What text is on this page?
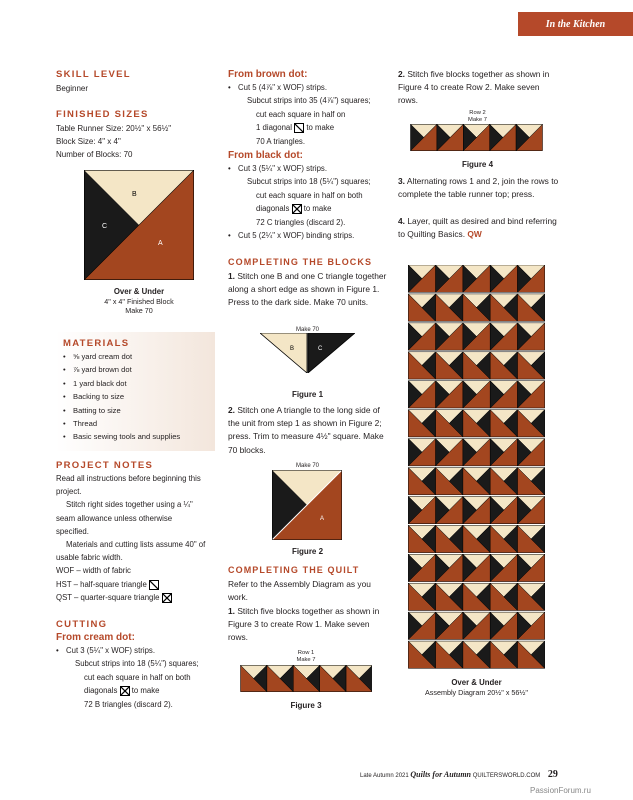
In the Kitchen
SKILL LEVEL
Beginner
FINISHED SIZES
Table Runner Size: 20½" x 56½"
Block Size: 4" x 4"
Number of Blocks: 70
B
C
A
Over & Under
4" x 4" Finished Block
Make 70
MATERIALS
• ⅝ yard cream dot
• ⅞ yard brown dot
• 1 yard black dot
• Backing to size
• Batting to size
• Thread
• Basic sewing tools and supplies
PROJECT NOTES
Read all instructions before beginning this project.
Stitch right sides together using a ¼" seam allowance unless otherwise specified.
Materials and cutting lists assume 40" of usable fabric width.
WOF – width of fabric
HST – half-square triangle
QST – quarter-square triangle
CUTTING
From cream dot:
• Cut 3 (5¼" x WOF) strips.
Subcut strips into 18 (5¼") squares;
cut each square in half on both
diagonals to make
72 B triangles (discard 2).
From brown dot:
• Cut 5 (4⅞" x WOF) strips.
Subcut strips into 35 (4⅞") squares;
cut each square in half on
1 diagonal to make
70 A triangles.
From black dot:
• Cut 3 (5¼" x WOF) strips.
Subcut strips into 18 (5¼") squares;
cut each square in half on both
diagonals to make
72 C triangles (discard 2).
• Cut 5 (2¼" x WOF) binding strips.
COMPLETING THE BLOCKS
1. Stitch one B and one C triangle together along a short edge as shown in Figure 1. Press to the dark side. Make 70 units.
Make 70
B	C
Figure 1
2. Stitch one A triangle to the long side of the unit from step 1 as shown in Figure 2; press. Trim to measure 4½" square. Make 70 blocks.
Make 70
A
Figure 2
COMPLETING THE QUILT
Refer to the Assembly Diagram as you work.
1. Stitch five blocks together as shown in Figure 3 to create Row 1. Make seven rows.
Row 1
Make 7
Figure 3
2. Stitch five blocks together as shown in Figure 4 to create Row 2. Make seven rows.
Row 2
Make 7
Figure 4
3. Alternating rows 1 and 2, join the rows to complete the table runner top; press.
4. Layer, quilt as desired and bind referring to Quilting Basics. QW
Over & Under
Assembly Diagram 20½" x 56½"
Late Autumn 2021 Quilts for Autumn QUILTERSWORLD.COM 29
PassionForum.ru
